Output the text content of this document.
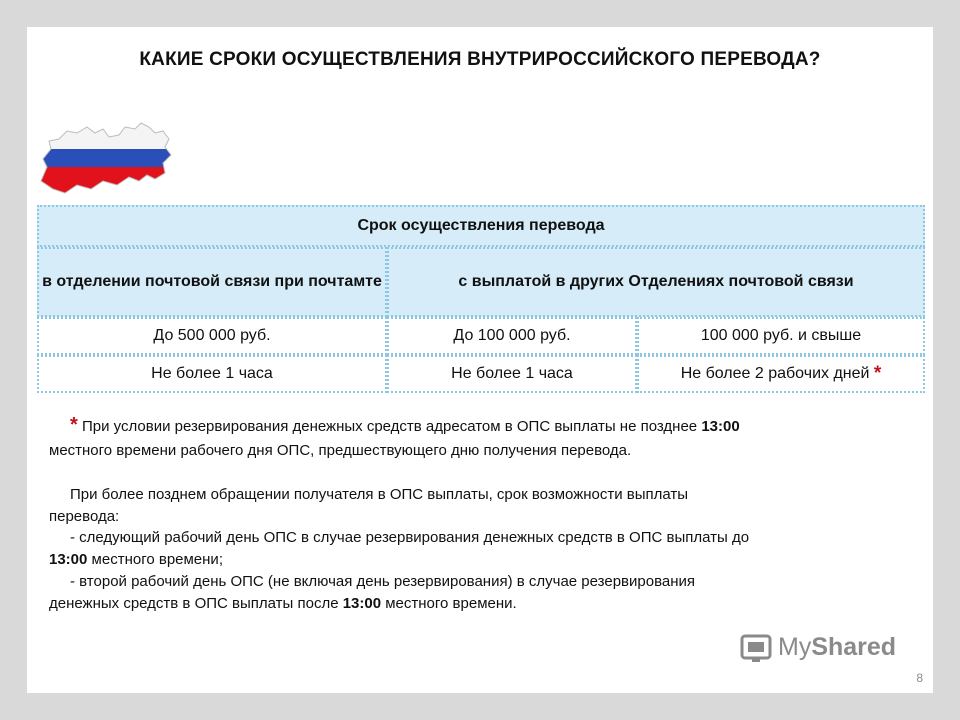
КАКИЕ СРОКИ ОСУЩЕСТВЛЕНИЯ ВНУТРИРОССИЙСКОГО ПЕРЕВОДА?
Срок осуществления перевода
в отделении почтовой связи при почтамте	с выплатой в других Отделениях почтовой связи
До 500 000 руб.	До 100 000 руб.	100 000 руб. и свыше
Не более 1 часа	Не более 1 часа	Не более 2 рабочих дней
*

* При условии резервирования денежных средств адресатом в ОПС выплаты не позднее 13:00

местного времени рабочего дня ОПС, предшествующего дню получения перевода.

При более позднем обращении получателя в ОПС выплаты, срок возможности выплаты

перевода:

- следующий рабочий день ОПС в случае резервирования денежных средств в ОПС выплаты до

13:00 местного времени;

- второй рабочий день ОПС (не включая день резервирования) в случае резервирования

денежных средств в ОПС выплаты после 13:00 местного времени.

8
MyShared
